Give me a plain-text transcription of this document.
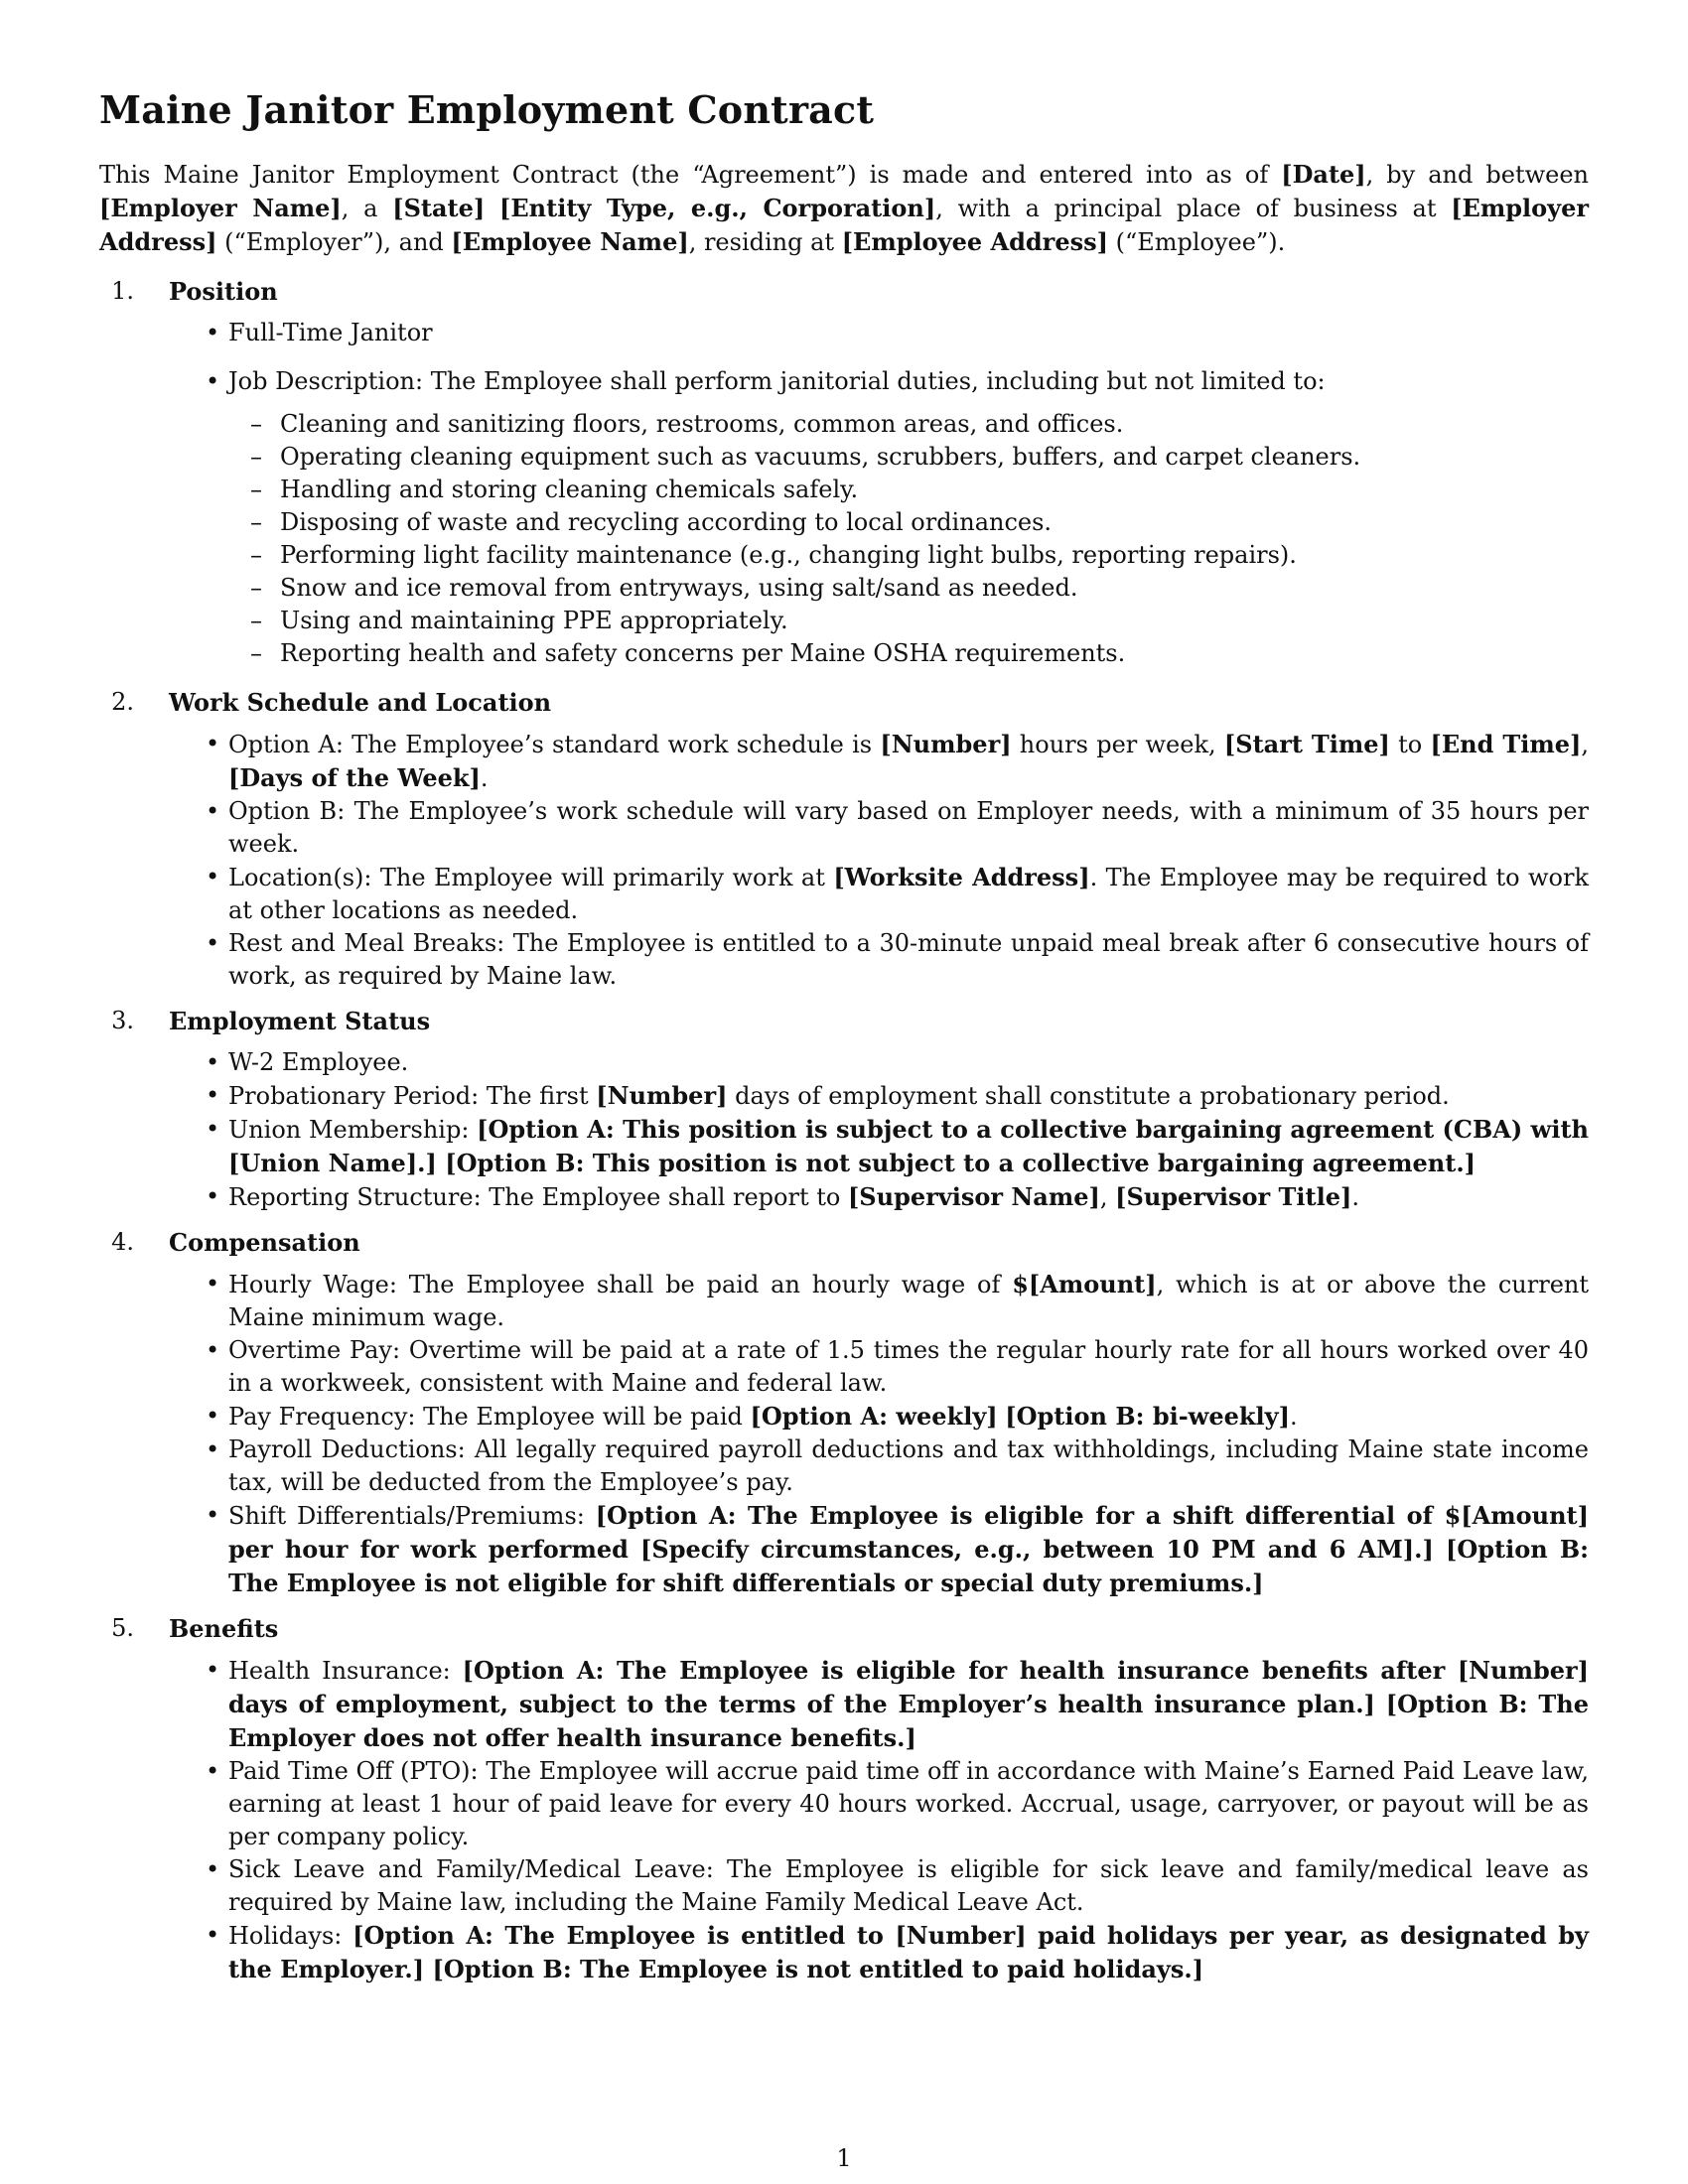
Maine Janitor Employment Contract

This Maine Janitor Employment Contract (the “Agreement”) is made and entered into as of [Date], by and between [Employer Name], a [State] [Entity Type, e.g., Corporation], with a principal place of business at [Employer Address] (“Employer”), and [Employee Name], residing at [Employee Address] (“Employee”).

1. Position
• Full-Time Janitor
• Job Description: The Employee shall perform janitorial duties, including but not limited to:
– Cleaning and sanitizing floors, restrooms, common areas, and offices.
– Operating cleaning equipment such as vacuums, scrubbers, buffers, and carpet cleaners.
– Handling and storing cleaning chemicals safely.
– Disposing of waste and recycling according to local ordinances.
– Performing light facility maintenance (e.g., changing light bulbs, reporting repairs).
– Snow and ice removal from entryways, using salt/sand as needed.
– Using and maintaining PPE appropriately.
– Reporting health and safety concerns per Maine OSHA requirements.
2. Work Schedule and Location
• Option A: The Employee’s standard work schedule is [Number] hours per week, [Start Time] to [End Time], [Days of the Week].
• Option B: The Employee’s work schedule will vary based on Employer needs, with a minimum of 35 hours per week.
• Location(s): The Employee will primarily work at [Worksite Address]. The Employee may be required to work at other locations as needed.
• Rest and Meal Breaks: The Employee is entitled to a 30-minute unpaid meal break after 6 consecutive hours of work, as required by Maine law.
3. Employment Status
• W-2 Employee.
• Probationary Period: The first [Number] days of employment shall constitute a probationary period.
• Union Membership: [Option A: This position is subject to a collective bargaining agreement (CBA) with [Union Name].] [Option B: This position is not subject to a collective bargaining agreement.]
• Reporting Structure: The Employee shall report to [Supervisor Name], [Supervisor Title].
4. Compensation
• Hourly Wage: The Employee shall be paid an hourly wage of $[Amount], which is at or above the current Maine minimum wage.
• Overtime Pay: Overtime will be paid at a rate of 1.5 times the regular hourly rate for all hours worked over 40 in a workweek, consistent with Maine and federal law.
• Pay Frequency: The Employee will be paid [Option A: weekly] [Option B: bi-weekly].
• Payroll Deductions: All legally required payroll deductions and tax withholdings, including Maine state income tax, will be deducted from the Employee’s pay.
• Shift Differentials/Premiums: [Option A: The Employee is eligible for a shift differential of $[Amount] per hour for work performed [Specify circumstances, e.g., between 10 PM and 6 AM].] [Option B: The Employee is not eligible for shift differentials or special duty premiums.]
5. Benefits
• Health Insurance: [Option A: The Employee is eligible for health insurance benefits after [Number] days of employment, subject to the terms of the Employer’s health insurance plan.] [Option B: The Employer does not offer health insurance benefits.]
• Paid Time Off (PTO): The Employee will accrue paid time off in accordance with Maine’s Earned Paid Leave law, earning at least 1 hour of paid leave for every 40 hours worked. Accrual, usage, carryover, or payout will be as per company policy.
• Sick Leave and Family/Medical Leave: The Employee is eligible for sick leave and family/medical leave as required by Maine law, including the Maine Family Medical Leave Act.
• Holidays: [Option A: The Employee is entitled to [Number] paid holidays per year, as designated by the Employer.] [Option B: The Employee is not entitled to paid holidays.]
1
